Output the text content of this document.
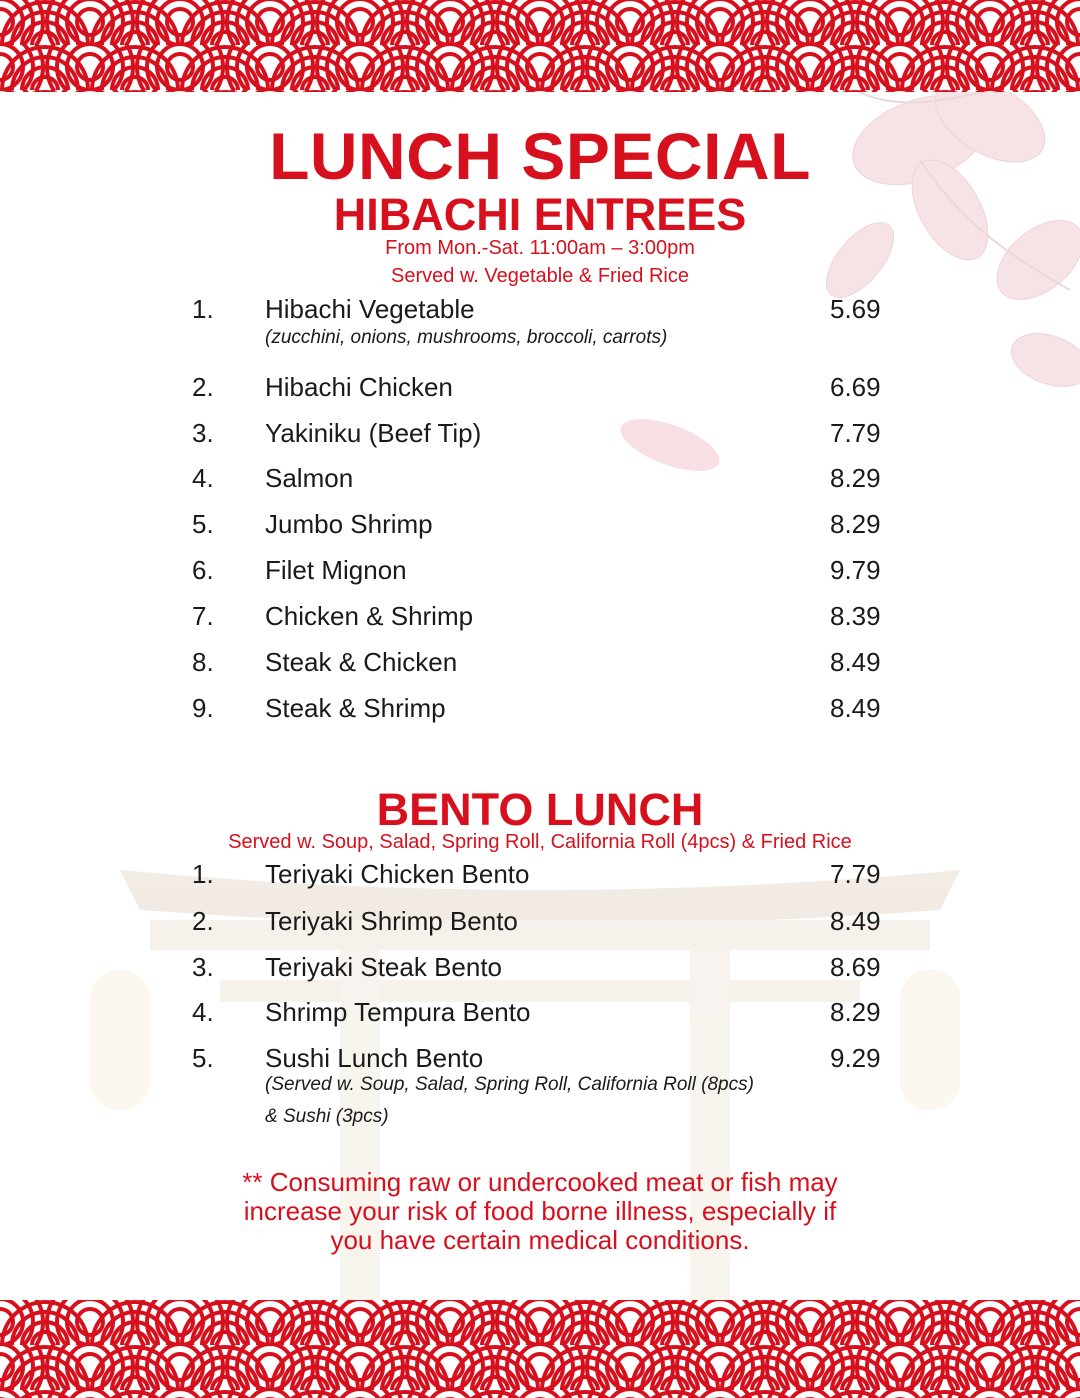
LUNCH SPECIAL
HIBACHI ENTREES
From Mon.-Sat. 11:00am – 3:00pm
Served w. Vegetable & Fried Rice
1. Hibachi Vegetable	5.69
(zucchini, onions, mushrooms, broccoli, carrots)
2. Hibachi Chicken	6.69
3. Yakiniku (Beef Tip)	7.79
4. Salmon	8.29
5. Jumbo Shrimp	8.29
6. Filet Mignon	9.79
7. Chicken & Shrimp	8.39
8. Steak & Chicken	8.49
9. Steak & Shrimp	8.49
BENTO LUNCH
Served w. Soup, Salad, Spring Roll, California Roll (4pcs) & Fried Rice
1. Teriyaki Chicken Bento	7.79
2. Teriyaki Shrimp Bento	8.49
3. Teriyaki Steak Bento	8.69
4. Shrimp Tempura Bento	8.29
5. Sushi Lunch Bento	9.29
(Served w. Soup, Salad, Spring Roll, California Roll (8pcs)
& Sushi (3pcs)
** Consuming raw or undercooked meat or fish may
increase your risk of food borne illness, especially if
you have certain medical conditions.
